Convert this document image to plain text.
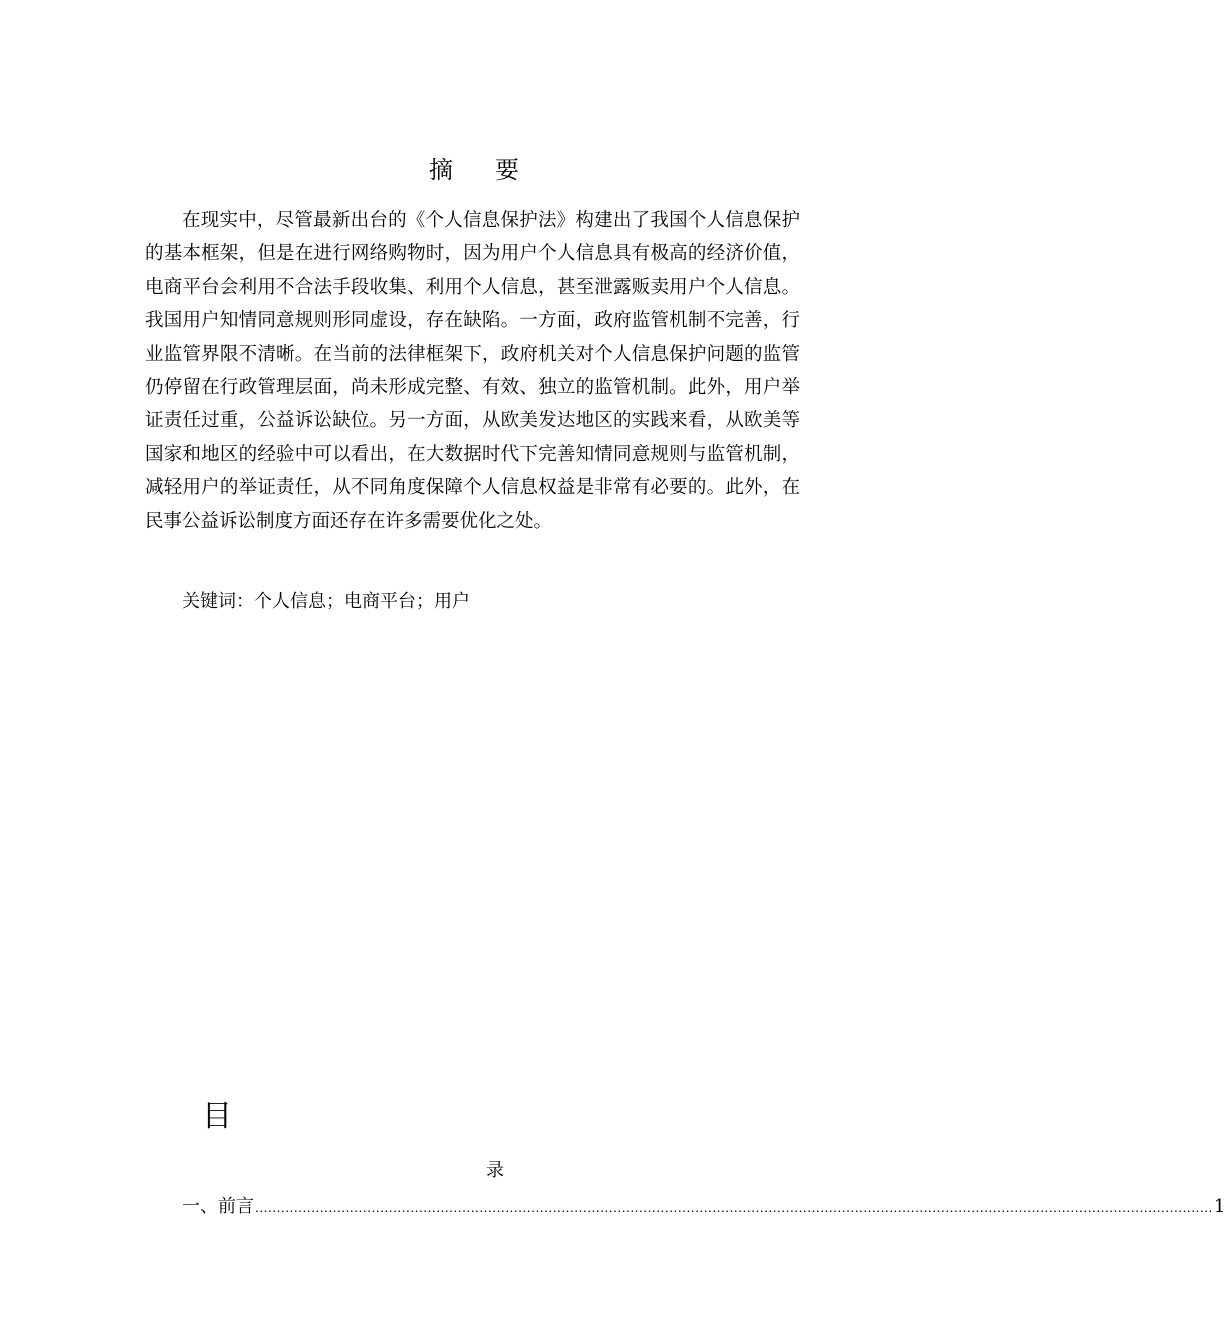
摘 要

在现实中，尽管最新出台的《个人信息保护法》构建出了我国个人信息保护的基本框架，但是在进行网络购物时，因为用户个人信息具有极高的经济价值，电商平台会利用不合法手段收集、利用个人信息，甚至泄露贩卖用户个人信息。我国用户知情同意规则形同虚设，存在缺陷。一方面，政府监管机制不完善，行业监管界限不清晰。在当前的法律框架下，政府机关对个人信息保护问题的监管仍停留在行政管理层面，尚未形成完整、有效、独立的监管机制。此外，用户举证责任过重，公益诉讼缺位。另一方面，从欧美发达地区的实践来看，从欧美等国家和地区的经验中可以看出，在大数据时代下完善知情同意规则与监管机制，减轻用户的举证责任，从不同角度保障个人信息权益是非常有必要的。此外，在民事公益诉讼制度方面还存在许多需要优化之处。

关键词：个人信息；电商平台；用户
目
录
一、 前言 .............................................................................................................................................................................................................................. 1
